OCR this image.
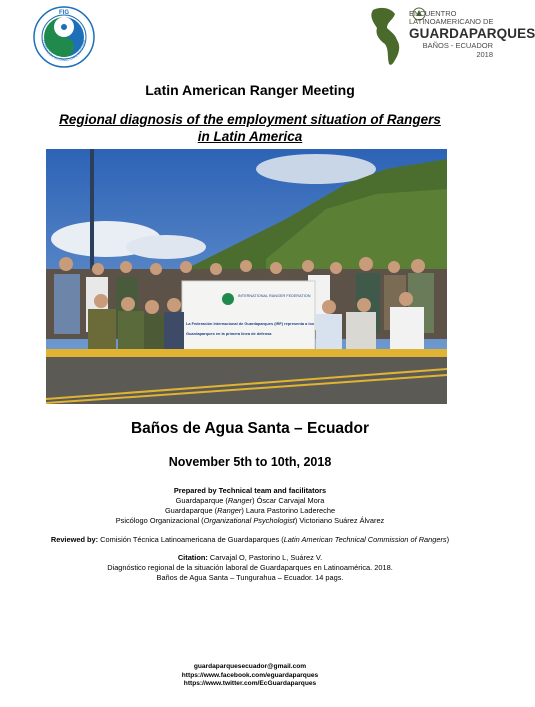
FIG
FEDERACIÓN INTERNACIONAL DE GUARD
ENCUENTRO
LATINOAMERICANO DE
GUARDAPARQUES
BAÑOS - ECUADOR 2018
Latin American Ranger Meeting
Regional diagnosis of the employment situation of Rangers
in Latin America
INTERNATIONAL RANGER FEDERATION
La Federación Internacional de Guardaparques (IRF) representa a los
Guardaparques en la primera línea de defensa
Baños de Agua Santa – Ecuador
November 5th to 10th, 2018
Prepared by Technical team and facilitators
Guardaparque (Ranger) Óscar Carvajal Mora
Guardaparque (Ranger) Laura Pastorino Ladereche
Psicólogo Organizacional (Organizational Psychologist) Victoriano Suárez Álvarez
Reviewed by: Comisión Técnica Latinoamericana de Guardaparques (Latin American Technical Commission of Rangers)
Citation: Carvajal O, Pastorino L, Suárez V.
Diagnóstico regional de la situación laboral de Guardaparques en Latinoamérica. 2018.
Baños de Agua Santa – Tungurahua – Ecuador. 14 pags.
guardaparquesecuador@gmail.com
https://www.facebook.com/eguardaparques
https://www.twitter.com/EcGuardaparques
